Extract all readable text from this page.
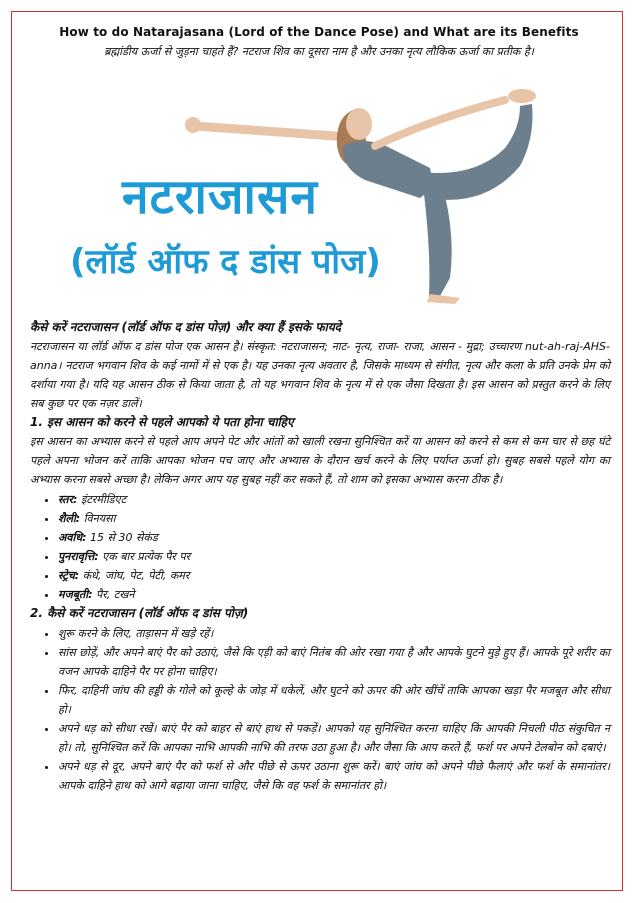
How to do Natarajasana (Lord of the Dance Pose) and What are its Benefits
ब्रह्मांडीय ऊर्जा से जुड़ना चाहते हैं? नटराज शिव का दूसरा नाम है और उनका नृत्य लौकिक ऊर्जा का प्रतीक है।
नटराजासन
(लॉर्ड ऑफ द डांस पोज)

कैसे करें नटराजासन (लॉर्ड ऑफ द डांस पोज़) और क्या हैं इसके फायदे

नटराजासन या लॉर्ड ऑफ द डांस पोज एक आसन है। संस्कृत: नटराजासन; नाट- नृत्य, राजा- राजा, आसन - मुद्रा; उच्चारण nut-ah-raj-AHS-anna। नटराज भगवान शिव के कई नामों में से एक है। यह उनका नृत्य अवतार है, जिसके माध्यम से संगीत, नृत्य और कला के प्रति उनके प्रेम को दर्शाया गया है। यदि यह आसन ठीक से किया जाता है, तो यह भगवान शिव के नृत्य में से एक जैसा दिखता है। इस आसन को प्रस्तुत करने के लिए सब कुछ पर एक नज़र डालें।

1. इस आसन को करने से पहले आपको ये पता होना चाहिए

इस आसन का अभ्यास करने से पहले आप अपने पेट और आंतों को खाली रखना सुनिश्चित करें या आसन को करने से कम से कम चार से छह घंटे पहले अपना भोजन करें ताकि आपका भोजन पच जाए और अभ्यास के दौरान खर्च करने के लिए पर्याप्त ऊर्जा हो। सुबह सबसे पहले योग का अभ्यास करना सबसे अच्छा है। लेकिन अगर आप यह सुबह नहीं कर सकते हैं, तो शाम को इसका अभ्यास करना ठीक है।

• स्तर: इंटरमीडिएट
• शैली: विनयसा
• अवधि: 15 से 30 सेकंड
• पुनरावृत्ति: एक बार प्रत्येक पैर पर
• स्ट्रेच: कंधे, जांघ, पेट, पेटी, कमर
• मजबूती: पैर, टखने

2. कैसे करें नटराजासन (लॉर्ड ऑफ द डांस पोज़)

• शुरू करने के लिए, ताड़ासन में खड़े रहें।
• सांस छोड़ें, और अपने बाएं पैर को उठाएं, जैसे कि एड़ी को बाएं नितंब की ओर रखा गया है और आपके घुटने मुड़े हुए हैं। आपके पूरे शरीर का वजन आपके दाहिने पैर पर होना चाहिए।
• फिर, दाहिनी जांघ की हड्डी के गोले को कूल्हे के जोड़ में धकेलें, और घुटने को ऊपर की ओर खींचें ताकि आपका खड़ा पैर मजबूत और सीधा हो।
• अपने धड़ को सीधा रखें। बाएं पैर को बाहर से बाएं हाथ से पकड़ें। आपको यह सुनिश्चित करना चाहिए कि आपकी निचली पीठ संकुचित न हो। तो, सुनिश्चित करें कि आपका नाभि आपकी नाभि की तरफ उठा हुआ है। और जैसा कि आप करते हैं, फर्श पर अपने टेलबोन को दबाएं।
• अपने धड़ से दूर, अपने बाएं पैर को फर्श से और पीछे से ऊपर उठाना शुरू करें। बाएं जांघ को अपने पीछे फैलाएं और फर्श के समानांतर। आपके दाहिने हाथ को आगे बढ़ाया जाना चाहिए, जैसे कि वह फर्श के समानांतर हो।
